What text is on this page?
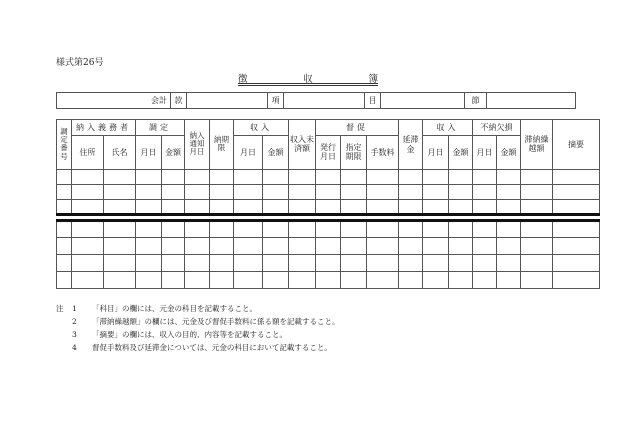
様式第26号
徴	収	簿
会計	款		項		目		節	
調定番号	納入義務者		調定		納入通知月日	納期限	収入		収入未済額	督促			延滞金	収入		不納欠損		滞納繰越額	摘要
	住所	氏名	月日	金額			月日	金額		発行月日	指定期限	手数料		月日	金額	月日	金額		

注	1	「科目」の欄には、元金の科目を記載すること。
2	「滞納繰越額」の欄には、元金及び督促手数料に係る額を記載すること。
3	「摘要」の欄には、収入の目的、内容等を記載すること。
4	督促手数料及び延滞金については、元金の科目において記載すること。
